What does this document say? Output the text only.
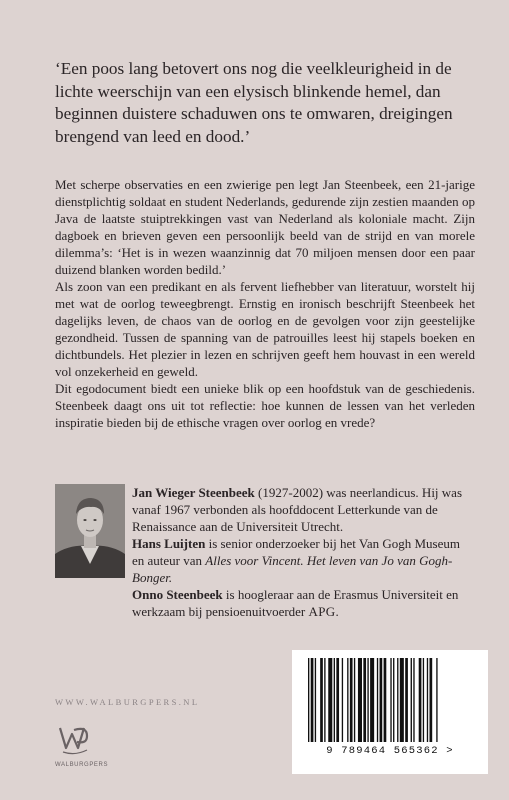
‘Een poos lang betovert ons nog die veelkleurigheid in de lichte weerschijn van een elysisch blinkende hemel, dan beginnen duistere schaduwen ons te omwaren, dreigingen brengend van leed en dood.’

Met scherpe observaties en een zwierige pen legt Jan Steenbeek, een 21-jarige dienstplichtig soldaat en student Nederlands, gedurende zijn zestien maanden op Java de laatste stuiptrekkingen vast van Nederland als koloniale macht. Zijn dagboek en brieven geven een persoonlijk beeld van de strijd en van morele dilemma’s: ‘Het is in wezen waanzinnig dat 70 miljoen mensen door een paar duizend blanken worden bedild.’

Als zoon van een predikant en als fervent liefhebber van literatuur, worstelt hij met wat de oorlog teweegbrengt. Ernstig en ironisch beschrijft Steenbeek het dagelijks leven, de chaos van de oorlog en de gevolgen voor zijn geestelijke gezondheid. Tussen de spanning van de patrouilles leest hij stapels boeken en dichtbundels. Het plezier in lezen en schrijven geeft hem houvast in een wereld vol onzekerheid en geweld.

Dit egodocument biedt een unieke blik op een hoofdstuk van de geschiedenis. Steenbeek daagt ons uit tot reflectie: hoe kunnen de lessen van het verleden inspiratie bieden bij de ethische vragen over oorlog en vrede?

Jan Wieger Steenbeek (1927-2002) was neerlandicus. Hij was vanaf 1967 verbonden als hoofddocent Letterkunde van de Renaissance aan de Universiteit Utrecht.

Hans Luijten is senior onderzoeker bij het Van Gogh Museum en auteur van Alles voor Vincent. Het leven van Jo van Gogh-Bonger.

Onno Steenbeek is hoogleraar aan de Erasmus Universiteit en werkzaam bij pensioenuitvoerder APG.

WWW.WALBURGPERS.NL
WALBURGPERS
9 789464 565362 >
